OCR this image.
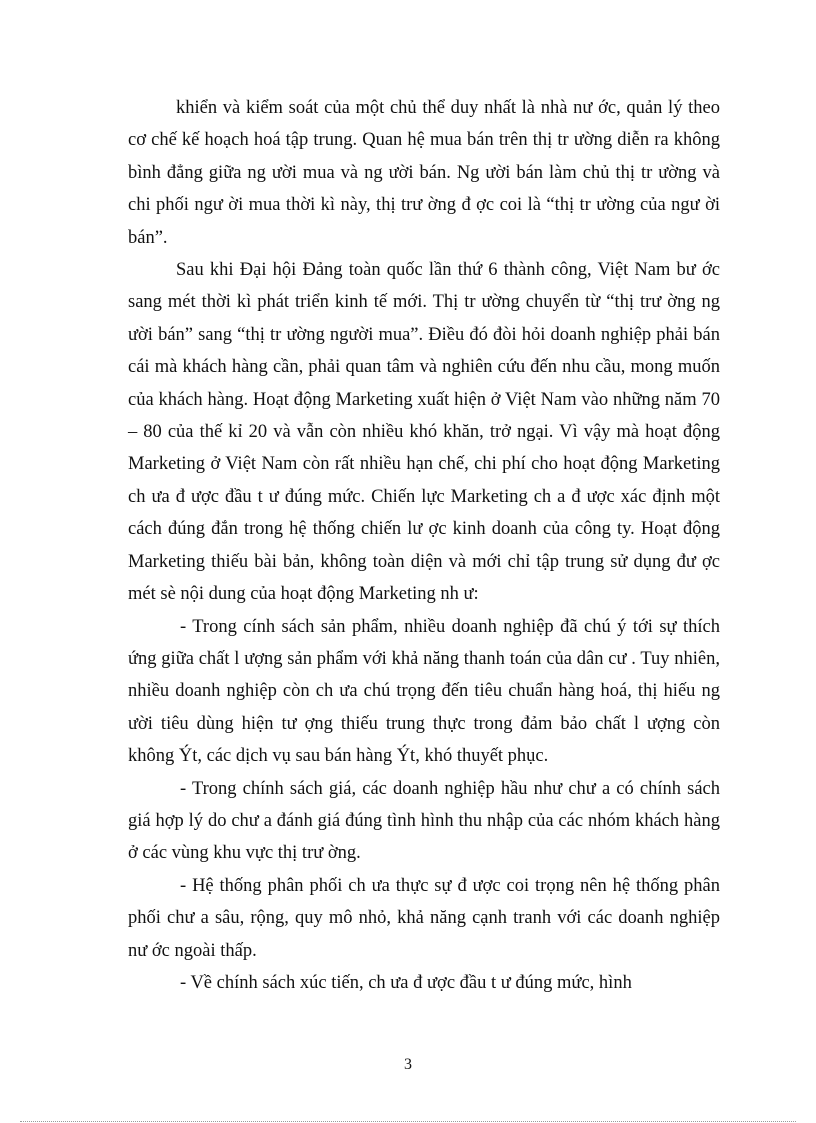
khiển và kiểm soát của một chủ thể duy nhất là nhà nư ớc, quản lý theo cơ chế kế hoạch hoá tập trung. Quan hệ mua bán trên thị tr ường diễn ra không bình đẳng giữa ng ười mua và ng ười bán. Ng ười bán làm chủ thị tr ường và chi phối ngư ời mua thời kì này, thị trư ờng đ ợc coi là “thị tr ường của ngư ời bán”.

Sau khi Đại hội Đảng toàn quốc lần thứ 6 thành công, Việt Nam bư ớc sang mét thời kì phát triển kinh tế mới. Thị tr ường chuyển từ “thị trư ờng ng ười bán” sang “thị tr ường người mua”. Điều đó đòi hỏi doanh nghiệp phải bán cái mà khách hàng cần, phải quan tâm và nghiên cứu đến nhu cầu, mong muốn của khách hàng. Hoạt động Marketing xuất hiện ở Việt Nam vào những năm 70 – 80 của thế kỉ 20 và vẫn còn nhiều khó khăn, trở ngại. Vì vậy mà hoạt động Marketing ở Việt Nam còn rất nhiều hạn chế, chi phí cho hoạt động Marketing ch ưa đ ược đầu t ư đúng mức. Chiến lực Marketing ch a đ ược xác định một cách đúng đắn trong hệ thống chiến lư ợc kinh doanh của công ty. Hoạt động Marketing thiếu bài bản, không toàn diện và mới chỉ tập trung sử dụng đư ợc mét sè nội dung của hoạt động Marketing nh ư:

- Trong cính sách sản phẩm, nhiều doanh nghiệp đã chú ý tới sự thích ứng giữa chất l ượng sản phẩm với khả năng thanh toán của dân cư . Tuy nhiên, nhiều doanh nghiệp còn ch ưa chú trọng đến tiêu chuẩn hàng hoá, thị hiếu ng ười tiêu dùng hiện tư ợng thiếu trung thực trong đảm bảo chất l ượng còn không Ýt, các dịch vụ sau bán hàng Ýt, khó thuyết phục.

- Trong chính sách giá, các doanh nghiệp hầu như chư a có chính sách giá hợp lý do chư a đánh giá đúng tình hình thu nhập của các nhóm khách hàng ở các vùng khu vực thị trư ờng.

- Hệ thống phân phối ch ưa thực sự đ ược coi trọng nên hệ thống phân phối chư a sâu, rộng, quy mô nhỏ, khả năng cạnh tranh với các doanh nghiệp nư ớc ngoài thấp.

- Về chính sách xúc tiến, ch ưa đ ược đầu t ư đúng mức, hình

3
